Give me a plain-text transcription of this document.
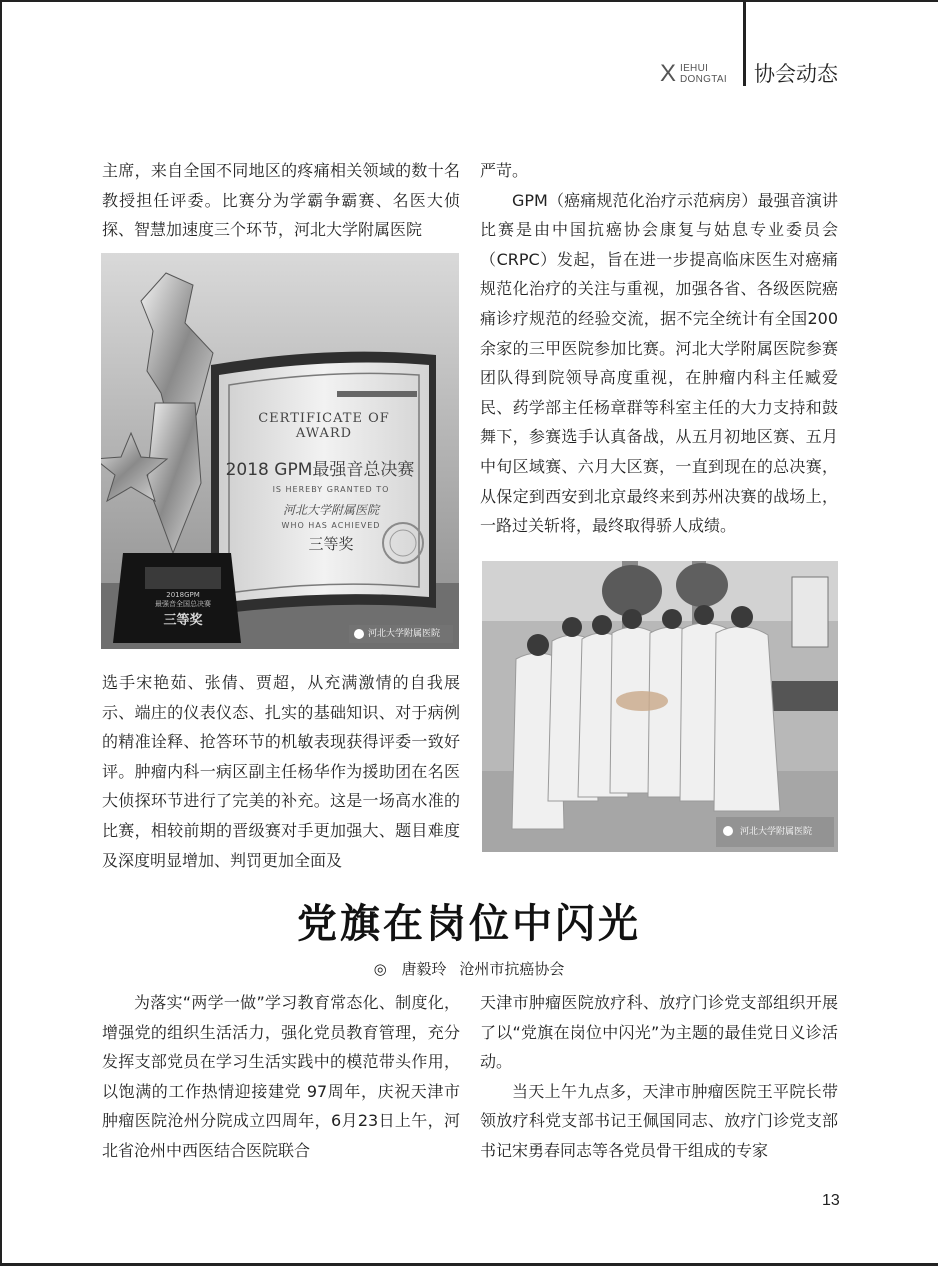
X IEHUI
DONGTAI 协会动态

主席，来自全国不同地区的疼痛相关领域的数十名教授担任评委。比赛分为学霸争霸赛、名医大侦探、智慧加速度三个环节，河北大学附属医院

CERTIFICATE OF AWARD
2018 GPM最强音总决赛
IS HEREBY GRANTED TO
河北大学附属医院
WHO HAS ACHIEVED
三等奖
2018GPM
最强音全国总决赛
三等奖
河北大学附属医院

选手宋艳茹、张倩、贾超，从充满激情的自我展示、端庄的仪表仪态、扎实的基础知识、对于病例的精准诠释、抢答环节的机敏表现获得评委一致好评。肿瘤内科一病区副主任杨华作为援助团在名医大侦探环节进行了完美的补充。这是一场高水准的比赛，相较前期的晋级赛对手更加强大、题目难度及深度明显增加、判罚更加全面及

严苛。

GPM（癌痛规范化治疗示范病房）最强音演讲比赛是由中国抗癌协会康复与姑息专业委员会（CRPC）发起，旨在进一步提高临床医生对癌痛规范化治疗的关注与重视，加强各省、各级医院癌痛诊疗规范的经验交流，据不完全统计有全国200余家的三甲医院参加比赛。河北大学附属医院参赛团队得到院领导高度重视，在肿瘤内科主任臧爱民、药学部主任杨章群等科室主任的大力支持和鼓舞下，参赛选手认真备战，从五月初地区赛、五月中旬区域赛、六月大区赛，一直到现在的总决赛，从保定到西安到北京最终来到苏州决赛的战场上，一路过关斩将，最终取得骄人成绩。

河北大学附属医院
党旗在岗位中闪光
◎ 唐毅玲 沧州市抗癌协会

为落实“两学一做”学习教育常态化、制度化，增强党的组织生活活力，强化党员教育管理，充分发挥支部党员在学习生活实践中的模范带头作用，以饱满的工作热情迎接建党 97周年，庆祝天津市肿瘤医院沧州分院成立四周年，6月23日上午，河北省沧州中西医结合医院联合

天津市肿瘤医院放疗科、放疗门诊党支部组织开展了以“党旗在岗位中闪光”为主题的最佳党日义诊活动。

当天上午九点多，天津市肿瘤医院王平院长带领放疗科党支部书记王佩国同志、放疗门诊党支部书记宋勇春同志等各党员骨干组成的专家

13
